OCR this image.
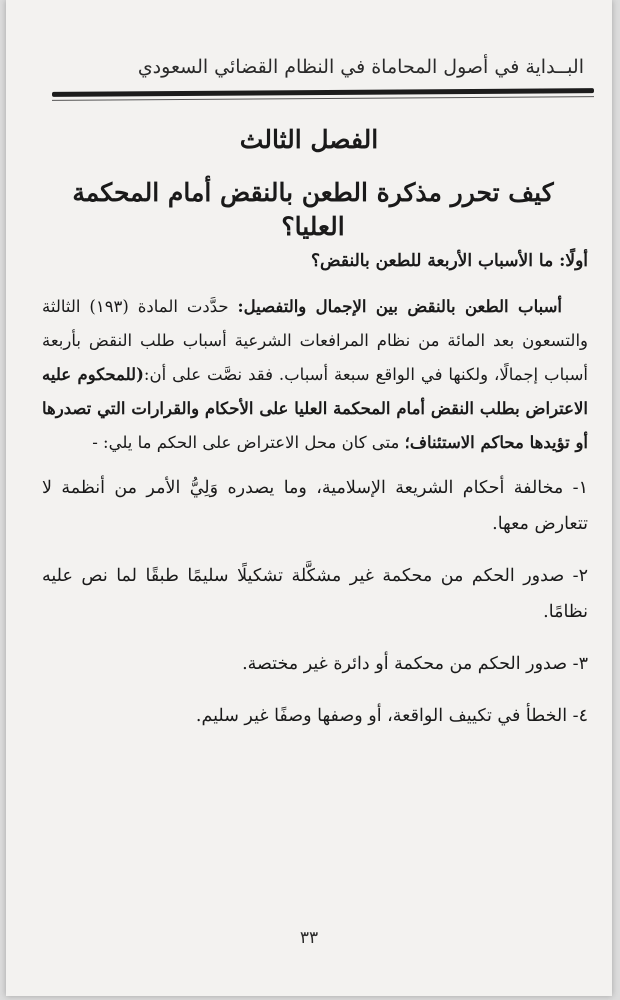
البــداية في أصول المحاماة في النظام القضائي السعودي
الفصل الثالث
كيف تحرر مذكرة الطعن بالنقض أمام المحكمة العليا؟

أولًا: ما الأسباب الأربعة للطعن بالنقض؟

أسباب الطعن بالنقض بين الإجمال والتفصيل: حدَّدت المادة (١٩٣) الثالثة والتسعون بعد المائة من نظام المرافعات الشرعية أسباب طلب النقض بأربعة أسباب إجمالًا، ولكنها في الواقع سبعة أسباب. فقد نصَّت على أن:(للمحكوم عليه الاعتراض بطلب النقض أمام المحكمة العليا على الأحكام والقرارات التي تصدرها أو تؤيدها محاكم الاستئناف؛ متى كان محل الاعتراض على الحكم ما يلي: -

١- مخالفة أحكام الشريعة الإسلامية، وما يصدره وَلِيُّ الأمر من أنظمة لا تتعارض معها.
٢- صدور الحكم من محكمة غير مشكَّلة تشكيلًا سليمًا طبقًا لما نص عليه نظامًا.
٣- صدور الحكم من محكمة أو دائرة غير مختصة.
٤- الخطأ في تكييف الواقعة، أو وصفها وصفًا غير سليم.
٣٣
